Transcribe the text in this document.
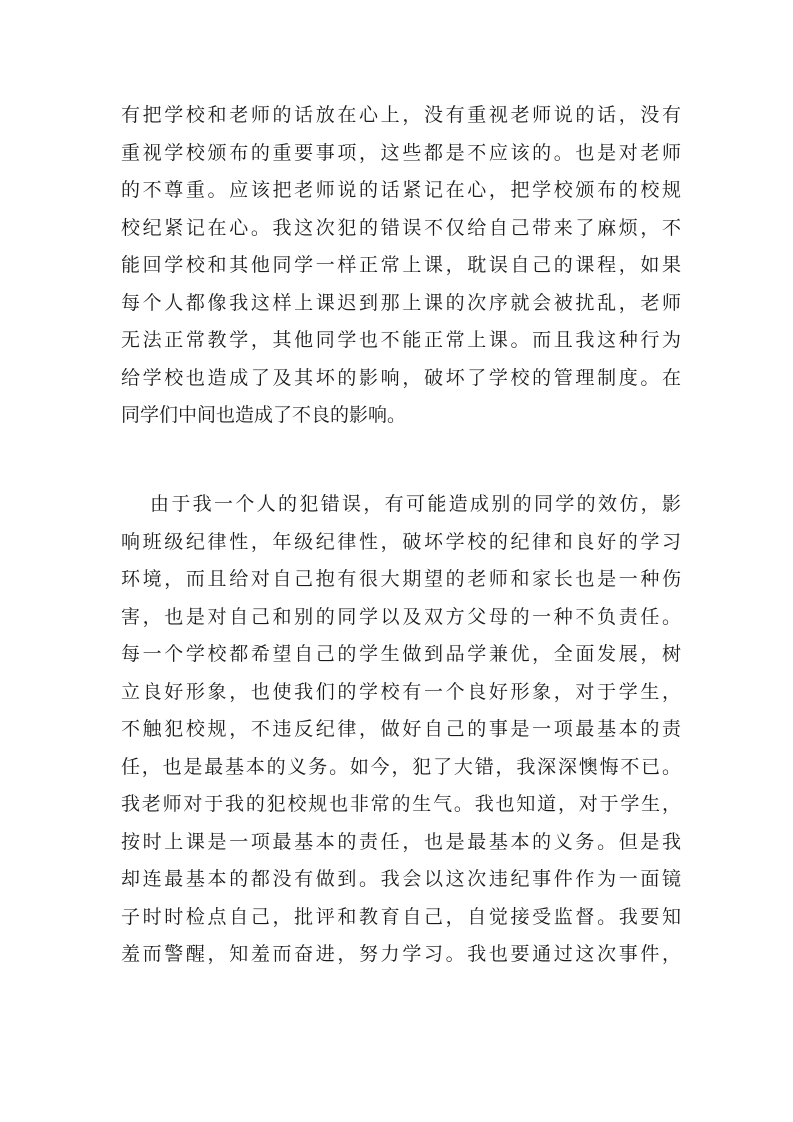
有把学校和老师的话放在心上，没有重视老师说的话，没有
重视学校颁布的重要事项，这些都是不应该的。也是对老师
的不尊重。应该把老师说的话紧记在心，把学校颁布的校规
校纪紧记在心。我这次犯的错误不仅给自己带来了麻烦，不
能回学校和其他同学一样正常上课，耽误自己的课程，如果
每个人都像我这样上课迟到那上课的次序就会被扰乱，老师
无法正常教学，其他同学也不能正常上课。而且我这种行为
给学校也造成了及其坏的影响，破坏了学校的管理制度。在
同学们中间也造成了不良的影响。
由于我一个人的犯错误，有可能造成别的同学的效仿，影
响班级纪律性，年级纪律性，破坏学校的纪律和良好的学习
环境，而且给对自己抱有很大期望的老师和家长也是一种伤
害，也是对自己和别的同学以及双方父母的一种不负责任。
每一个学校都希望自己的学生做到品学兼优，全面发展，树
立良好形象，也使我们的学校有一个良好形象，对于学生，
不触犯校规，不违反纪律，做好自己的事是一项最基本的责
任，也是最基本的义务。如今，犯了大错，我深深懊悔不已。
我老师对于我的犯校规也非常的生气。我也知道，对于学生，
按时上课是一项最基本的责任，也是最基本的义务。但是我
却连最基本的都没有做到。我会以这次违纪事件作为一面镜
子时时检点自己，批评和教育自己，自觉接受监督。我要知
羞而警醒，知羞而奋进，努力学习。我也要通过这次事件，
